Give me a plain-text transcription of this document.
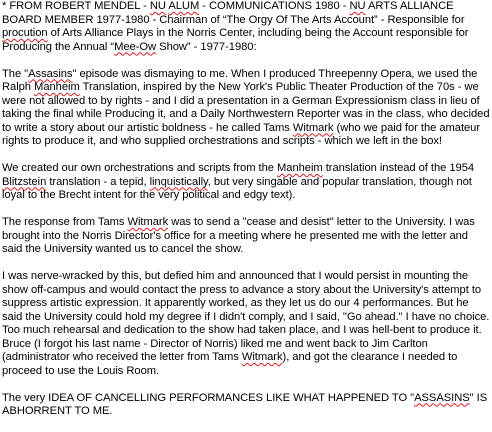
* FROM ROBERT MENDEL - NU ALUM - COMMUNICATIONS 1980 - NU ARTS ALLIANCE BOARD MEMBER 1977-1980 - Chairman of “The Orgy Of The Arts Account” - Responsible for procution of Arts Alliance Plays in the Norris Center, including being the Account responsible for Producing the Annual “Mee-Ow Show” - 1977-1980:

The "Assasins" episode was dismaying to me. When I produced Threepenny Opera, we used the Ralph Manheim Translation, inspired by the New York's Public Theater Production of the 70s - we were not allowed to by rights - and I did a presentation in a German Expressionism class in lieu of taking the final while Producing it, and a Daily Northwestern Reporter was in the class, who decided to write a story about our artistic boldness - he called Tams Witmark (who we paid for the amateur rights to produce it, and who supplied orchestrations and scripts - which we left in the box!

We created our own orchestrations and scripts from the Manheim translation instead of the 1954 Blitzstein translation - a tepid, linquistically, but very singable and popular translation, though not loyal to the Brecht intent for the very political and edgy text).

The response from Tams Witmark was to send a "cease and desist" letter to the University. I was brought into the Norris Director's office for a meeting where he presented me with the letter and said the University wanted us to cancel the show.

I was nerve-wracked by this, but defied him and announced that I would persist in mounting the show off-campus and would contact the press to advance a story about the University's attempt to suppress artistic expression. It apparently worked, as they let us do our 4 performances. But he said the University could hold my degree if I didn't comply, and I said, "Go ahead." I have no choice. Too much rehearsal and dedication to the show had taken place, and I was hell-bent to produce it. Bruce (I forgot his last name - Director of Norris) liked me and went back to Jim Carlton (administrator who received the letter from Tams Witmark), and got the clearance I needed to proceed to use the Louis Room.

The very IDEA OF CANCELLING PERFORMANCES LIKE WHAT HAPPENED TO "ASSASINS" IS ABHORRENT TO ME.
